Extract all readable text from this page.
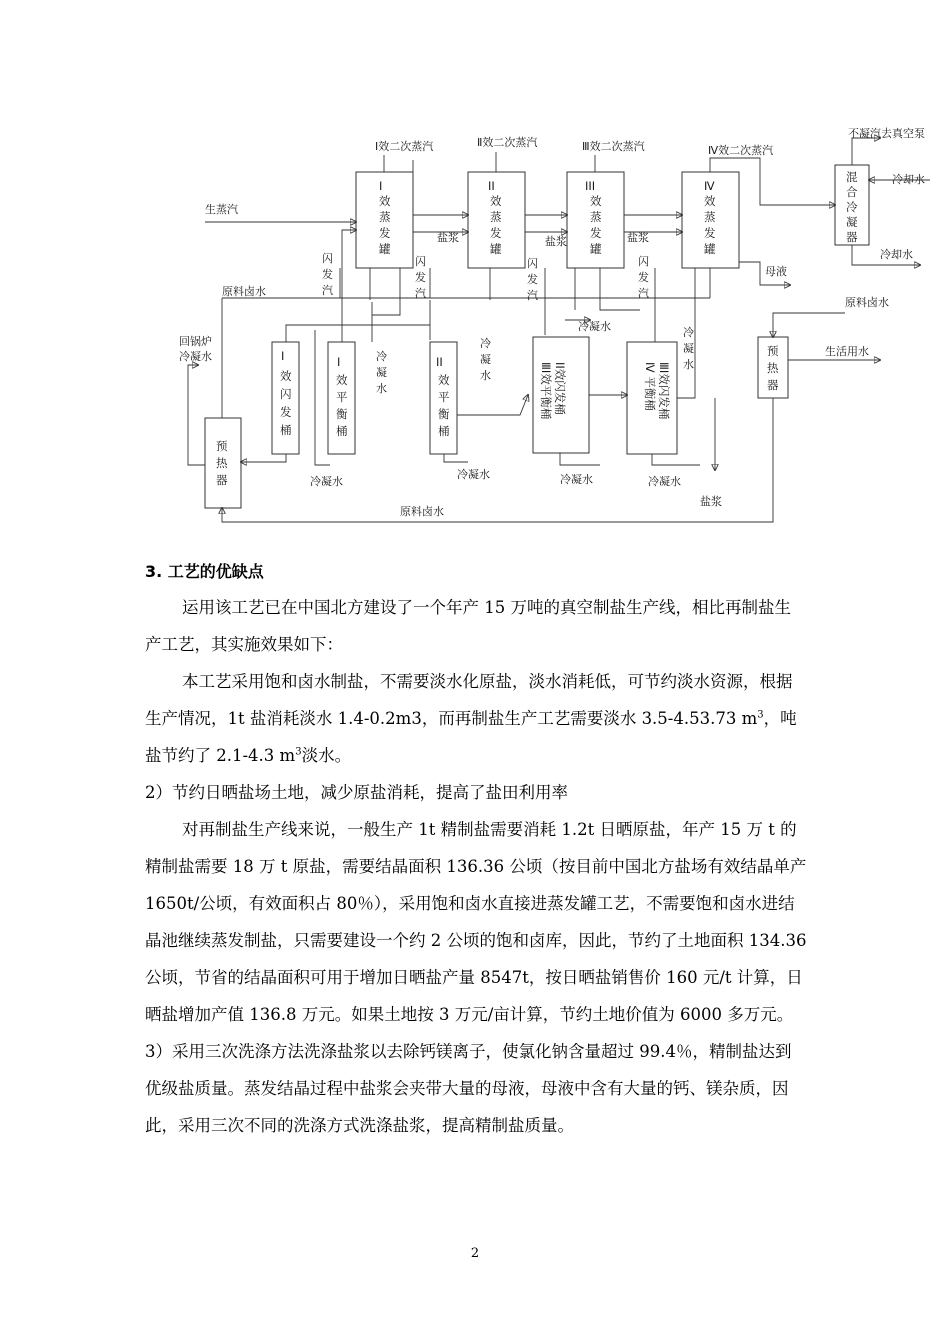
Ⅰ效二次蒸汽	Ⅱ效二次蒸汽	Ⅲ效二次蒸汽	Ⅳ效二次蒸汽
不凝汽去真空泵
冷却水
冷却水
生蒸汽
盐浆	盐浆	盐浆
母液
原料卤水
原料卤水
原料卤水
回锅炉
冷凝水	生活用水
冷凝水
冷凝水
冷凝水	冷凝水	冷凝水
盐浆
Ⅰ
效
蒸
发
罐
ⅠⅠ
效
蒸
发
罐
ⅠⅠⅠ
效
蒸
发
罐
Ⅳ
效
蒸
发
罐
混
合
冷
凝
器
闪
发
汽
闪
发
汽
闪
发
汽
闪
发
汽
冷
凝
水
冷
凝
水
冷
凝
水
Ⅰ
效
闪
发
桶
Ⅰ
效
平
衡
桶
ⅠⅠ
效
平
衡
桶
ⅠⅠ效闪发桶
ⅢⅠ效平衡桶	ⅢⅠ效闪发桶
Ⅳ 平衡桶
预
热
器
预
热
器
3. 工艺的优缺点

运用该工艺已在中国北方建设了一个年产 15 万吨的真空制盐生产线，相比再制盐生产工艺，其实施效果如下：

本工艺采用饱和卤水制盐，不需要淡水化原盐，淡水消耗低，可节约淡水资源，根据生产情况，1t 盐消耗淡水 1.4-0.2m3，而再制盐生产工艺需要淡水 3.5-4.53.73 $m^3$，吨盐节约了 2.1-4.3 $m^3$淡水。

2）节约日晒盐场土地，减少原盐消耗，提高了盐田利用率

对再制盐生产线来说，一般生产 1t 精制盐需要消耗 1.2t 日晒原盐，年产 15 万 t 的精制盐需要 18 万 t 原盐，需要结晶面积 136.36 公顷（按目前中国北方盐场有效结晶单产 1650t/公顷，有效面积占 80％），采用饱和卤水直接进蒸发罐工艺，不需要饱和卤水进结晶池继续蒸发制盐，只需要建设一个约 2 公顷的饱和卤库，因此，节约了土地面积 134.36 公顷，节省的结晶面积可用于增加日晒盐产量 8547t，按日晒盐销售价 160 元/t 计算，日晒盐增加产值 136.8 万元。如果土地按 3 万元/亩计算，节约土地价值为 6000 多万元。

3）采用三次洗涤方法洗涤盐浆以去除钙镁离子，使氯化钠含量超过 99.4％，精制盐达到优级盐质量。蒸发结晶过程中盐浆会夹带大量的母液，母液中含有大量的钙、镁杂质，因此，采用三次不同的洗涤方式洗涤盐浆，提高精制盐质量。

2
